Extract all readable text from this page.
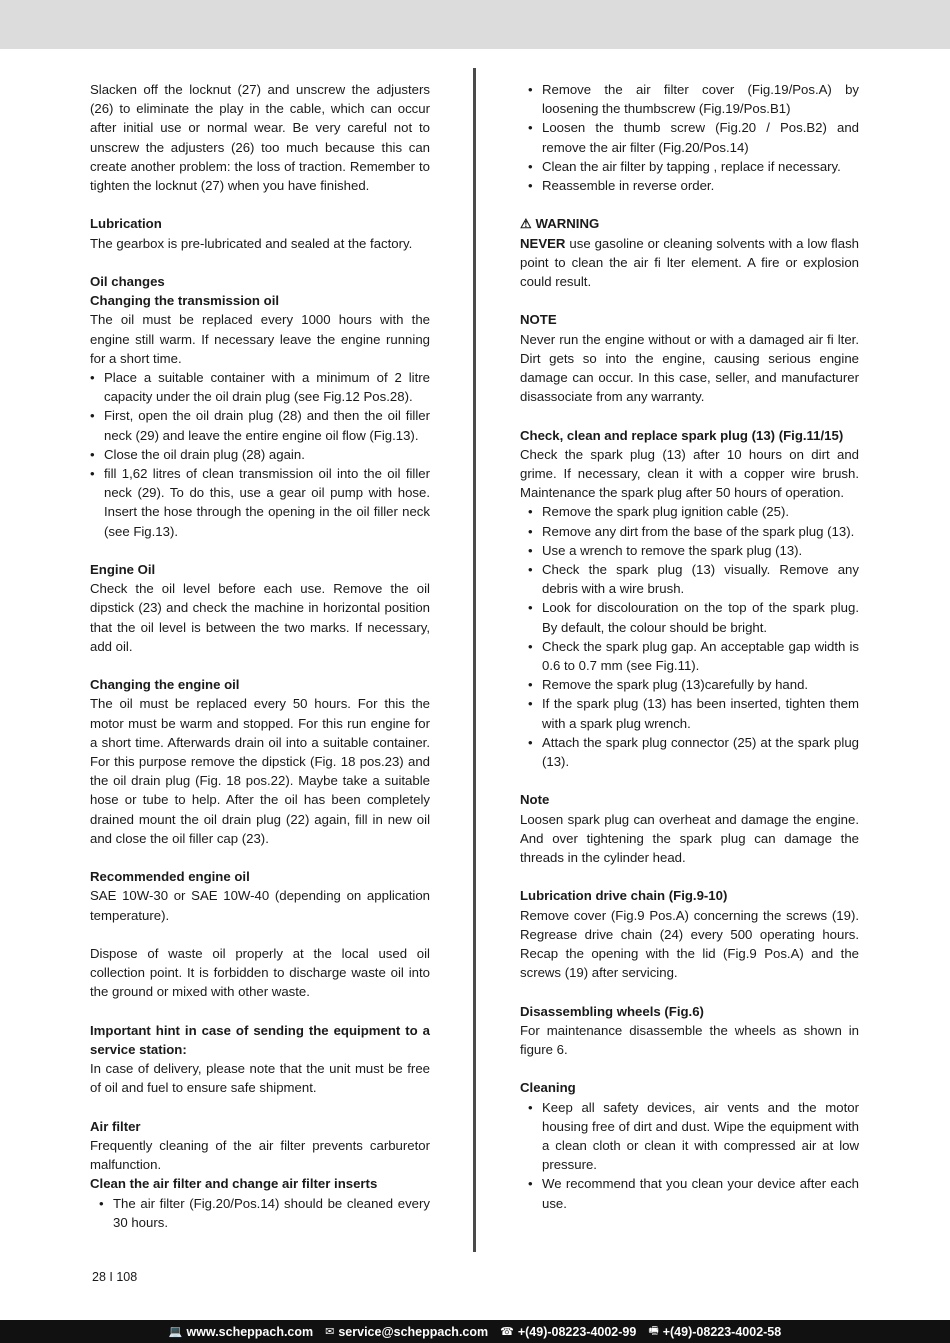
Slacken off the locknut (27) and unscrew the adjusters (26) to eliminate the play in the cable, which can occur after initial use or normal wear. Be very careful not to unscrew the adjusters (26) too much because this can create another problem: the loss of traction. Remember to tighten the locknut (27) when you have finished.

Lubrication

The gearbox is pre-lubricated and sealed at the factory.

Oil changes

Changing the transmission oil

The oil must be replaced every 1000 hours with the engine still warm. If necessary leave the engine running for a short time.

• Place a suitable container with a minimum of 2 litre capacity under the oil drain plug (see Fig.12 Pos.28).
• First, open the oil drain plug (28) and then the oil filler neck (29) and leave the entire engine oil flow (Fig.13).
• Close the oil drain plug (28) again.
• fill 1,62 litres of clean transmission oil into the oil filler neck (29). To do this, use a gear oil pump with hose. Insert the hose through the opening in the oil filler neck (see Fig.13).

Engine Oil

Check the oil level before each use. Remove the oil dipstick (23) and check the machine in horizontal position that the oil level is between the two marks. If necessary, add oil.

Changing the engine oil

The oil must be replaced every 50 hours. For this the motor must be warm and stopped. For this run engine for a short time. Afterwards drain oil into a suitable container. For this purpose remove the dipstick (Fig. 18 pos.23) and the oil drain plug (Fig. 18 pos.22). Maybe take a suitable hose or tube to help. After the oil has been completely drained mount the oil drain plug (22) again, fill in new oil and close the oil filler cap (23).

Recommended engine oil

SAE 10W-30 or SAE 10W-40 (depending on application temperature).

Dispose of waste oil properly at the local used oil collection point. It is forbidden to discharge waste oil into the ground or mixed with other waste.

Important hint in case of sending the equipment to a service station:

In case of delivery, please note that the unit must be free of oil and fuel to ensure safe shipment.

Air filter

Frequently cleaning of the air filter prevents carburetor malfunction.

Clean the air filter and change air filter inserts

• The air filter (Fig.20/Pos.14) should be cleaned every 30 hours.
• Remove the air filter cover (Fig.19/Pos.A) by loosening the thumbscrew (Fig.19/Pos.B1)
• Loosen the thumb screw (Fig.20 / Pos.B2) and remove the air filter (Fig.20/Pos.14)
• Clean the air filter by tapping , replace if necessary.
• Reassemble in reverse order.

⚠ WARNING

NEVER use gasoline or cleaning solvents with a low flash point to clean the air fi lter element. A fire or explosion could result.

NOTE

Never run the engine without or with a damaged air fi lter. Dirt gets so into the engine, causing serious engine damage can occur. In this case, seller, and manufacturer disassociate from any warranty.

Check, clean and replace spark plug (13) (Fig.11/15)

Check the spark plug (13) after 10 hours on dirt and grime. If necessary, clean it with a copper wire brush. Maintenance the spark plug after 50 hours of operation.

• Remove the spark plug ignition cable (25).
• Remove any dirt from the base of the spark plug (13).
• Use a wrench to remove the spark plug (13).
• Check the spark plug (13) visually. Remove any debris with a wire brush.
• Look for discolouration on the top of the spark plug. By default, the colour should be bright.
• Check the spark plug gap. An acceptable gap width is 0.6 to 0.7 mm (see Fig.11).
• Remove the spark plug (13)carefully by hand.
• If the spark plug (13) has been inserted, tighten them with a spark plug wrench.
• Attach the spark plug connector (25) at the spark plug (13).

Note

Loosen spark plug can overheat and damage the engine. And over tightening the spark plug can damage the threads in the cylinder head.

Lubrication drive chain (Fig.9-10)

Remove cover (Fig.9 Pos.A) concerning the screws (19). Regrease drive chain (24) every 500 operating hours. Recap the opening with the lid (Fig.9 Pos.A) and the screws (19) after servicing.

Disassembling wheels (Fig.6)

For maintenance disassemble the wheels as shown in figure 6.

Cleaning

• Keep all safety devices, air vents and the motor housing free of dirt and dust. Wipe the equipment with a clean cloth or clean it with compressed air at low pressure.
• We recommend that you clean your device after each use.
28 I 108
💻 www.scheppach.com ✉ service@scheppach.com ☎ +(49)-08223-4002-99 🖷 +(49)-08223-4002-58
